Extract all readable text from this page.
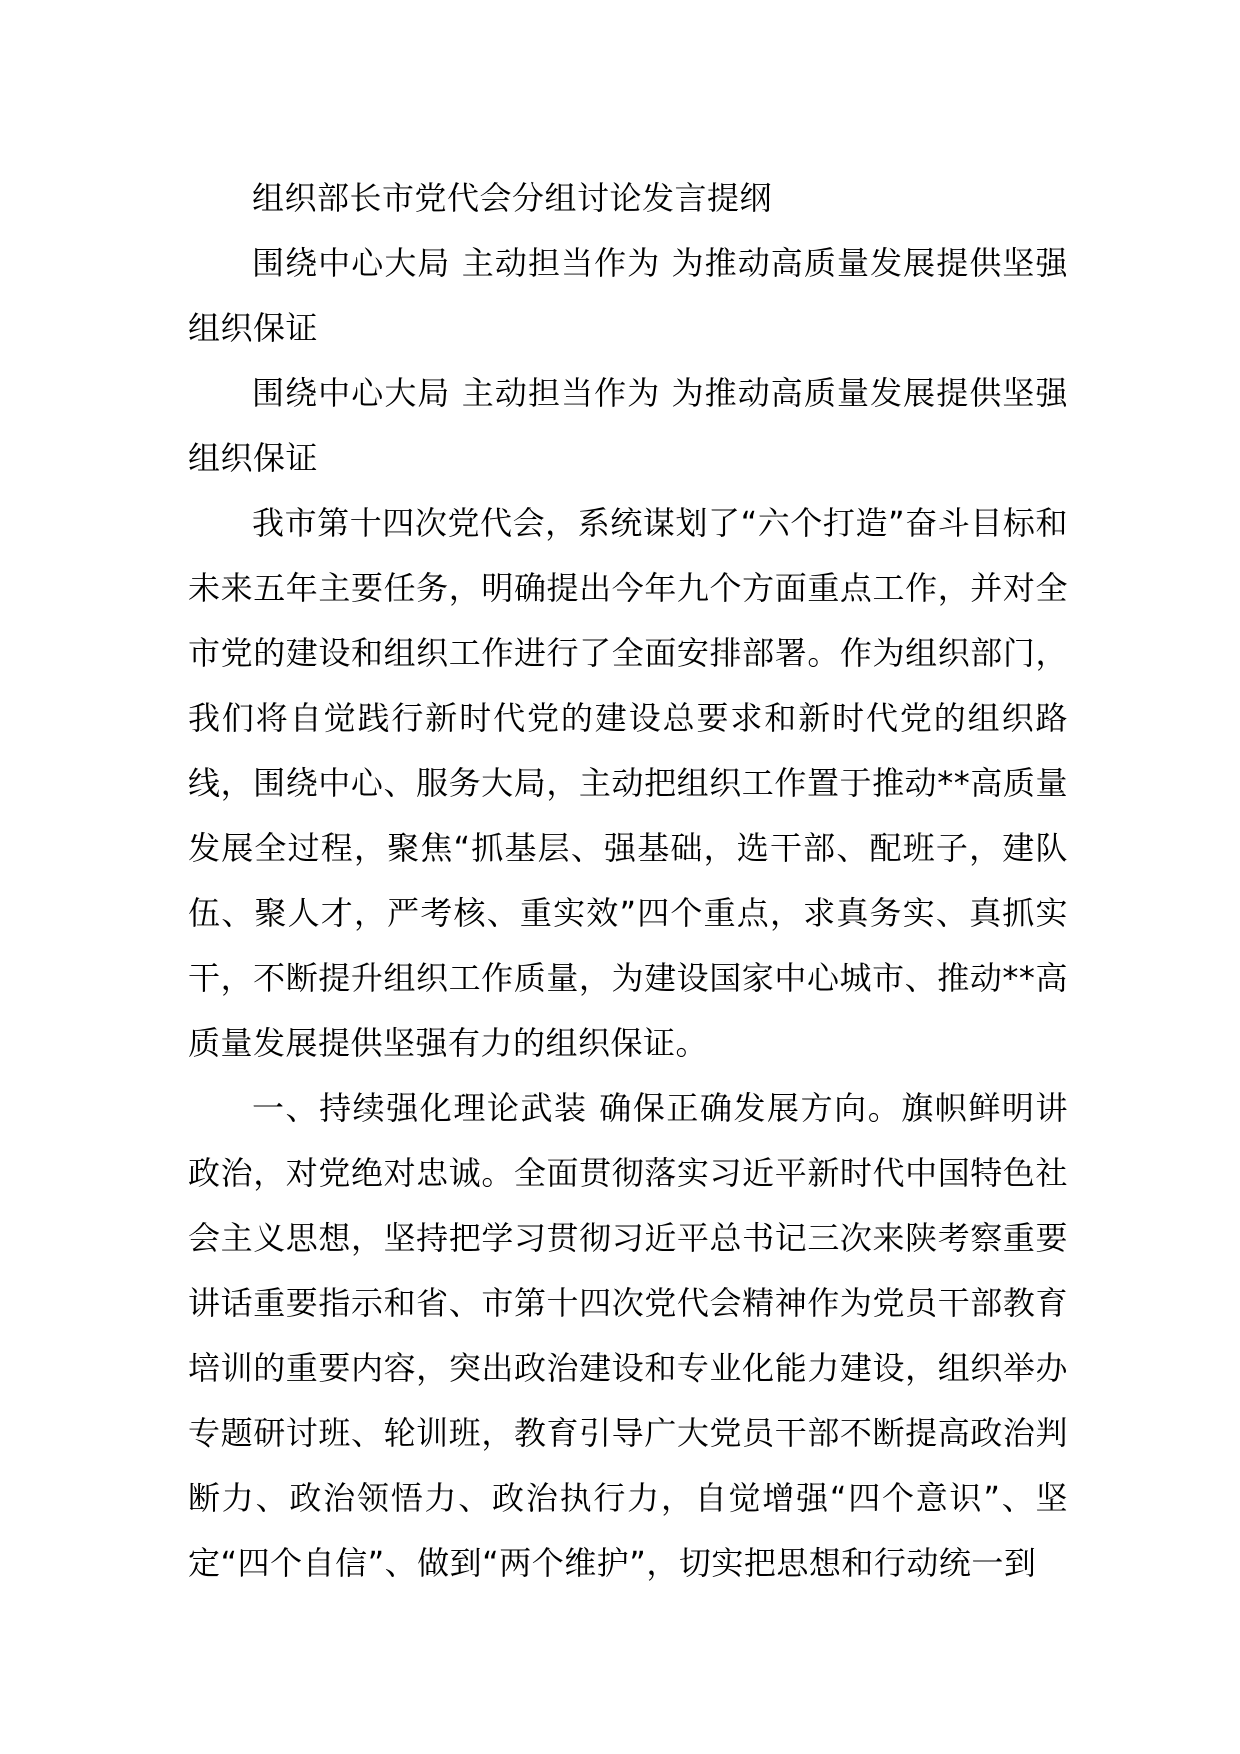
组织部长市党代会分组讨论发言提纲

围绕中心大局 主动担当作为 为推动高质量发展提供坚强组织保证

围绕中心大局 主动担当作为 为推动高质量发展提供坚强组织保证

我市第十四次党代会，系统谋划了“六个打造”奋斗目标和未来五年主要任务，明确提出今年九个方面重点工作，并对全市党的建设和组织工作进行了全面安排部署。作为组织部门，我们将自觉践行新时代党的建设总要求和新时代党的组织路线，围绕中心、服务大局，主动把组织工作置于推动**高质量发展全过程，聚焦“抓基层、强基础，选干部、配班子，建队伍、聚人才，严考核、重实效”四个重点，求真务实、真抓实干，不断提升组织工作质量，为建设国家中心城市、推动**高质量发展提供坚强有力的组织保证。

一、持续强化理论武装 确保正确发展方向。旗帜鲜明讲政治，对党绝对忠诚。全面贯彻落实习近平新时代中国特色社会主义思想，坚持把学习贯彻习近平总书记三次来陕考察重要讲话重要指示和省、市第十四次党代会精神作为党员干部教育培训的重要内容，突出政治建设和专业化能力建设，组织举办专题研讨班、轮训班，教育引导广大党员干部不断提高政治判断力、政治领悟力、政治执行力，自觉增强“四个意识”、坚定“四个自信”、做到“两个维护”，切实把思想和行动统一到
